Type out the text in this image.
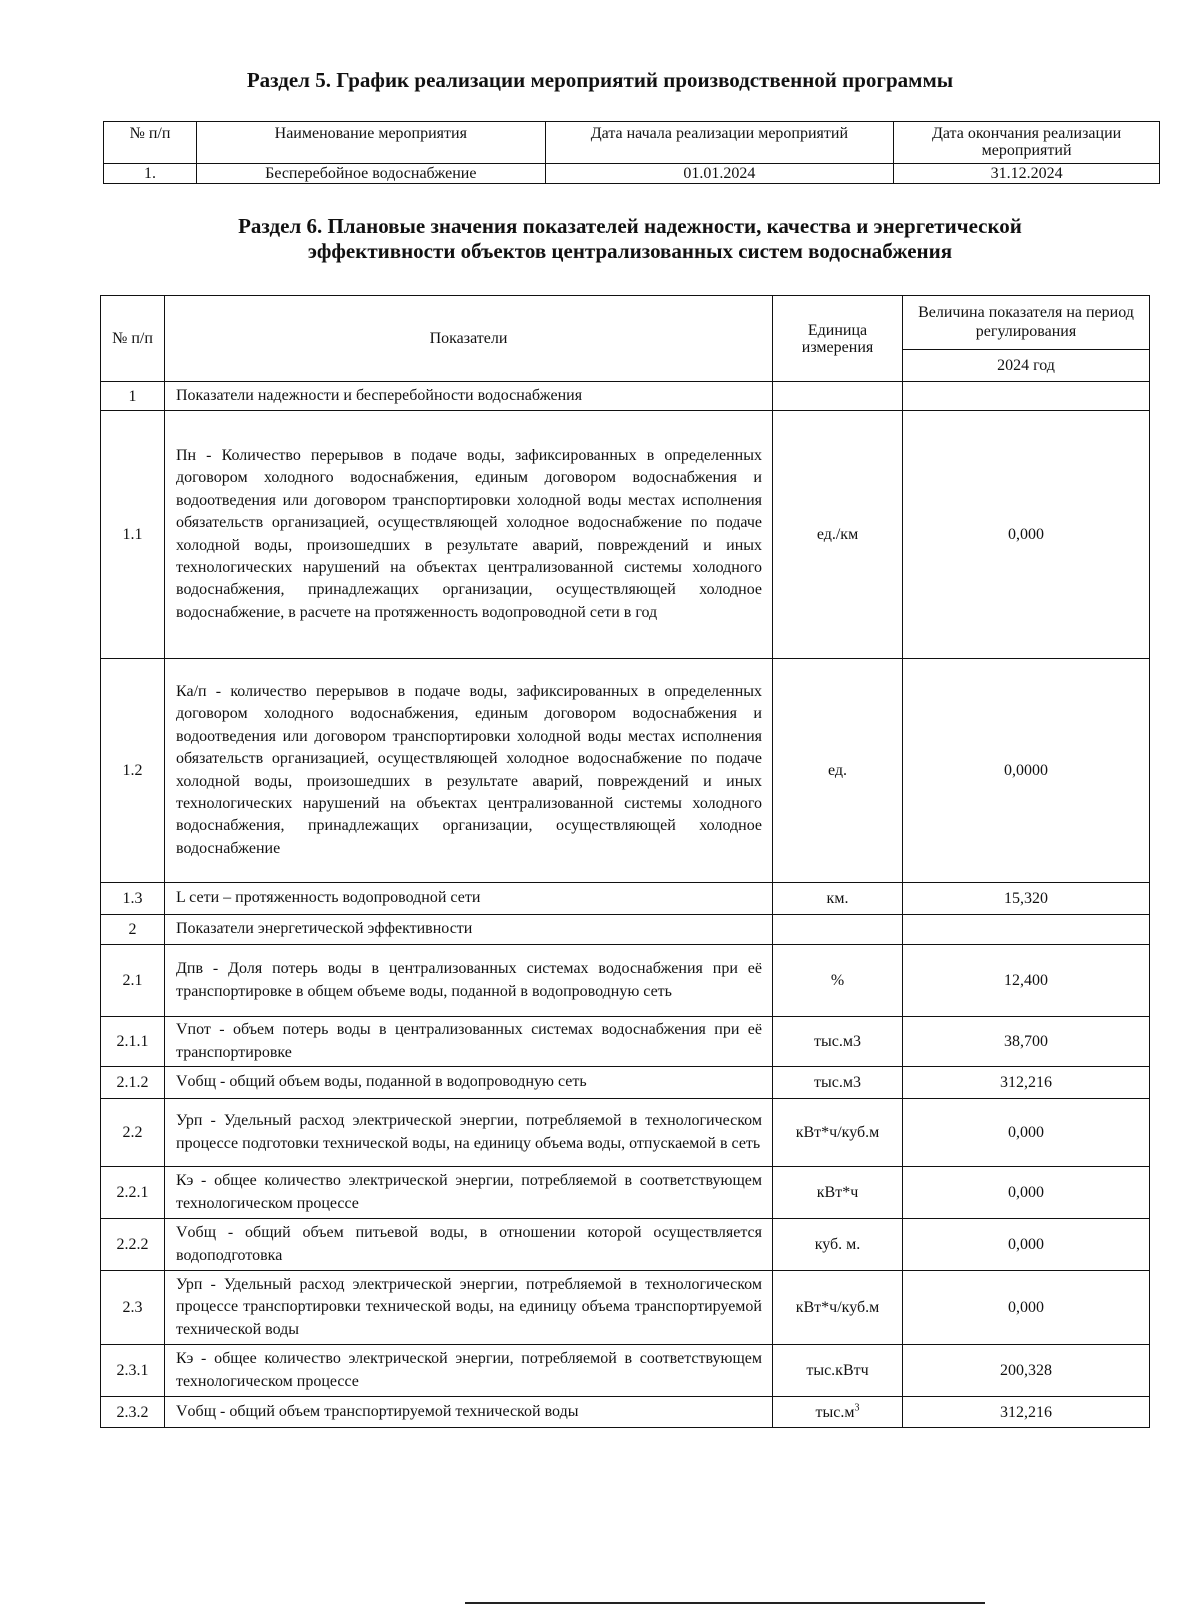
Раздел 5. График реализации мероприятий производственной программы
№ п/п	Наименование мероприятия	Дата начала реализации мероприятий	Дата окончания реализации мероприятий
1.	Бесперебойное водоснабжение	01.01.2024	31.12.2024
Раздел 6. Плановые значения показателей надежности, качества и энергетической
эффективности объектов централизованных систем водоснабжения
№ п/п	Показатели	Единица измерения	Величина показателя на период регулирования
			2024 год
1	Показатели надежности и бесперебойности водоснабжения		
1.1	Пн - Количество перерывов в подаче воды, зафиксированных в определенных договором холодного водоснабжения, единым договором водоснабжения и водоотведения или договором транспортировки холодной воды местах исполнения обязательств организацией, осуществляющей холодное водоснабжение по подаче холодной воды, произошедших в результате аварий, повреждений и иных технологических нарушений на объектах централизованной системы холодного водоснабжения, принадлежащих организации, осуществляющей холодное водоснабжение, в расчете на протяженность водопроводной сети в год	ед./км	0,000
1.2	Ка/п - количество перерывов в подаче воды, зафиксированных в определенных договором холодного водоснабжения, единым договором водоснабжения и водоотведения или договором транспортировки холодной воды местах исполнения обязательств организацией, осуществляющей холодное водоснабжение по подаче холодной воды, произошедших в результате аварий, повреждений и иных технологических нарушений на объектах централизованной системы холодного водоснабжения, принадлежащих организации, осуществляющей холодное водоснабжение	ед.	0,0000
1.3	L сети – протяженность водопроводной сети	км.	15,320
2	Показатели энергетической эффективности		
2.1	Дпв - Доля потерь воды в централизованных системах водоснабжения при её транспортировке в общем объеме воды, поданной в водопроводную сеть	%	12,400
2.1.1	Vпот - объем потерь воды в централизованных системах водоснабжения при её транспортировке	тыс.м3	38,700
2.1.2	Vобщ - общий объем воды, поданной в водопроводную сеть	тыс.м3	312,216
2.2	Урп - Удельный расход электрической энергии, потребляемой в технологическом процессе подготовки технической воды, на единицу объема воды, отпускаемой в сеть	кВт*ч/куб.м	0,000
2.2.1	Кэ - общее количество электрической энергии, потребляемой в соответствующем технологическом процессе	кВт*ч	0,000
2.2.2	Vобщ - общий объем питьевой воды, в отношении которой осуществляется водоподготовка	куб. м.	0,000
2.3	Урп - Удельный расход электрической энергии, потребляемой в технологическом процессе транспортировки технической воды, на единицу объема транспортируемой технической воды	кВт*ч/куб.м	0,000
2.3.1	Кэ - общее количество электрической энергии, потребляемой в соответствующем технологическом процессе	тыс.кВтч	200,328
2.3.2	Vобщ - общий объем транспортируемой технической воды	$тыс.м^3$	312,216
